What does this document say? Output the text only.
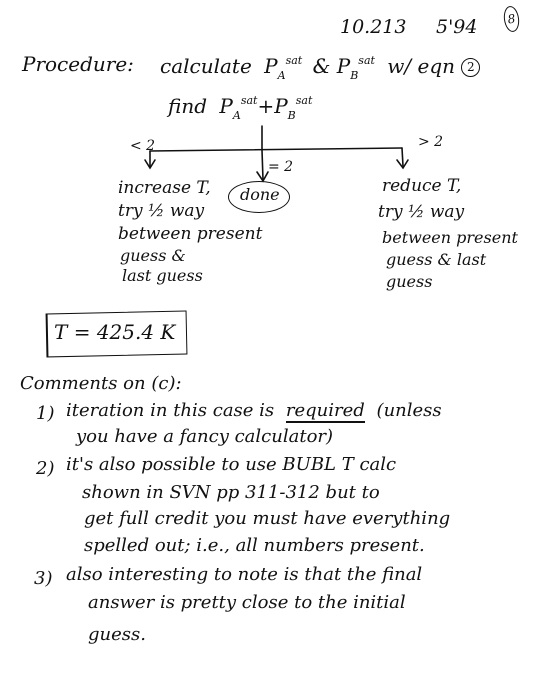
10.213 5'94	8
Procedure: calculate $P_A^{sat}$ & $P_B^{sat}$ w/ eqn 2
find $P_A^{sat}+P_B^{sat}$
< 2
= 2
> 2
increase T,
try ½ way
between present
guess &
last guess
done	reduce T,
try ½ way
between present
guess & last
guess
T = 425.4 K
Comments on (c):
1) iteration in this case is required (unless
you have a fancy calculator)
2) it's also possible to use BUBL T calc
shown in SVN pp 311-312 but to
get full credit you must have everything
spelled out; i.e., all numbers present.
3) also interesting to note is that the final
answer is pretty close to the initial
guess.
